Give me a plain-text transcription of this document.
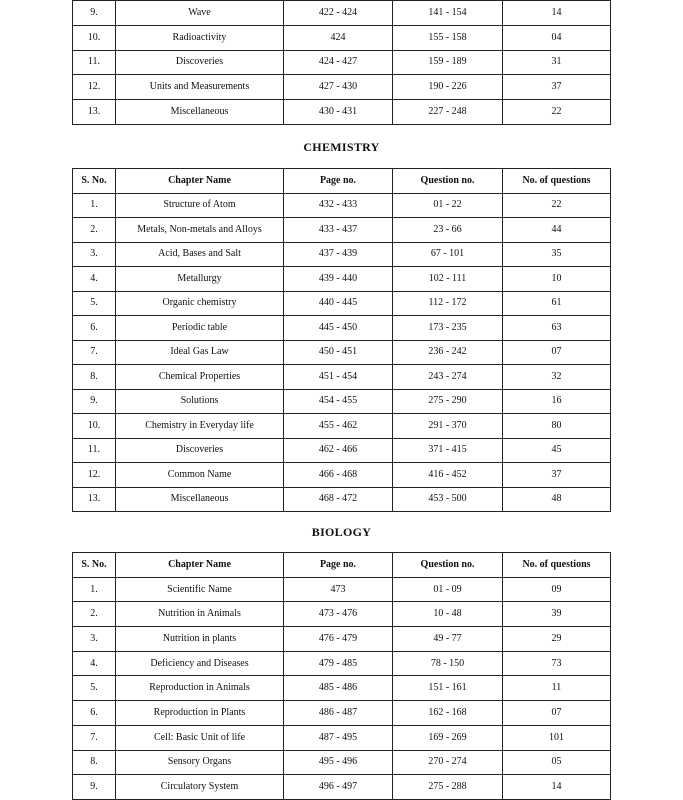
9.	Wave	422 - 424	141 - 154	14
10.	Radioactivity	424	155 - 158	04
11.	Discoveries	424 - 427	159 - 189	31
12.	Units and Measurements	427 - 430	190 - 226	37
13.	Miscellaneous	430 - 431	227 - 248	22
CHEMISTRY
S. No.	Chapter Name	Page no.	Question no.	No. of questions
1.	Structure of Atom	432 - 433	01 - 22	22
2.	Metals, Non-metals and Alloys	433 - 437	23 - 66	44
3.	Acid, Bases and Salt	437 - 439	67 - 101	35
4.	Metallurgy	439 - 440	102 - 111	10
5.	Organic chemistry	440 - 445	112 - 172	61
6.	Periodic table	445 - 450	173 - 235	63
7.	Ideal Gas Law	450 - 451	236 - 242	07
8.	Chemical Properties	451 - 454	243 - 274	32
9.	Solutions	454 - 455	275 - 290	16
10.	Chemistry in Everyday life	455 - 462	291 - 370	80
11.	Discoveries	462 - 466	371 - 415	45
12.	Common Name	466 - 468	416 - 452	37
13.	Miscellaneous	468 - 472	453 - 500	48
BIOLOGY
S. No.	Chapter Name	Page no.	Question no.	No. of questions
1.	Scientific Name	473	01 - 09	09
2.	Nutrition in Animals	473 - 476	10 - 48	39
3.	Nutrition in plants	476 - 479	49 - 77	29
4.	Deficiency and Diseases	479 - 485	78 - 150	73
5.	Reproduction in Animals	485 - 486	151 - 161	11
6.	Reproduction in Plants	486 - 487	162 - 168	07
7.	Cell: Basic Unit of life	487 - 495	169 - 269	101
8.	Sensory Organs	495 - 496	270 - 274	05
9.	Circulatory System	496 - 497	275 - 288	14
